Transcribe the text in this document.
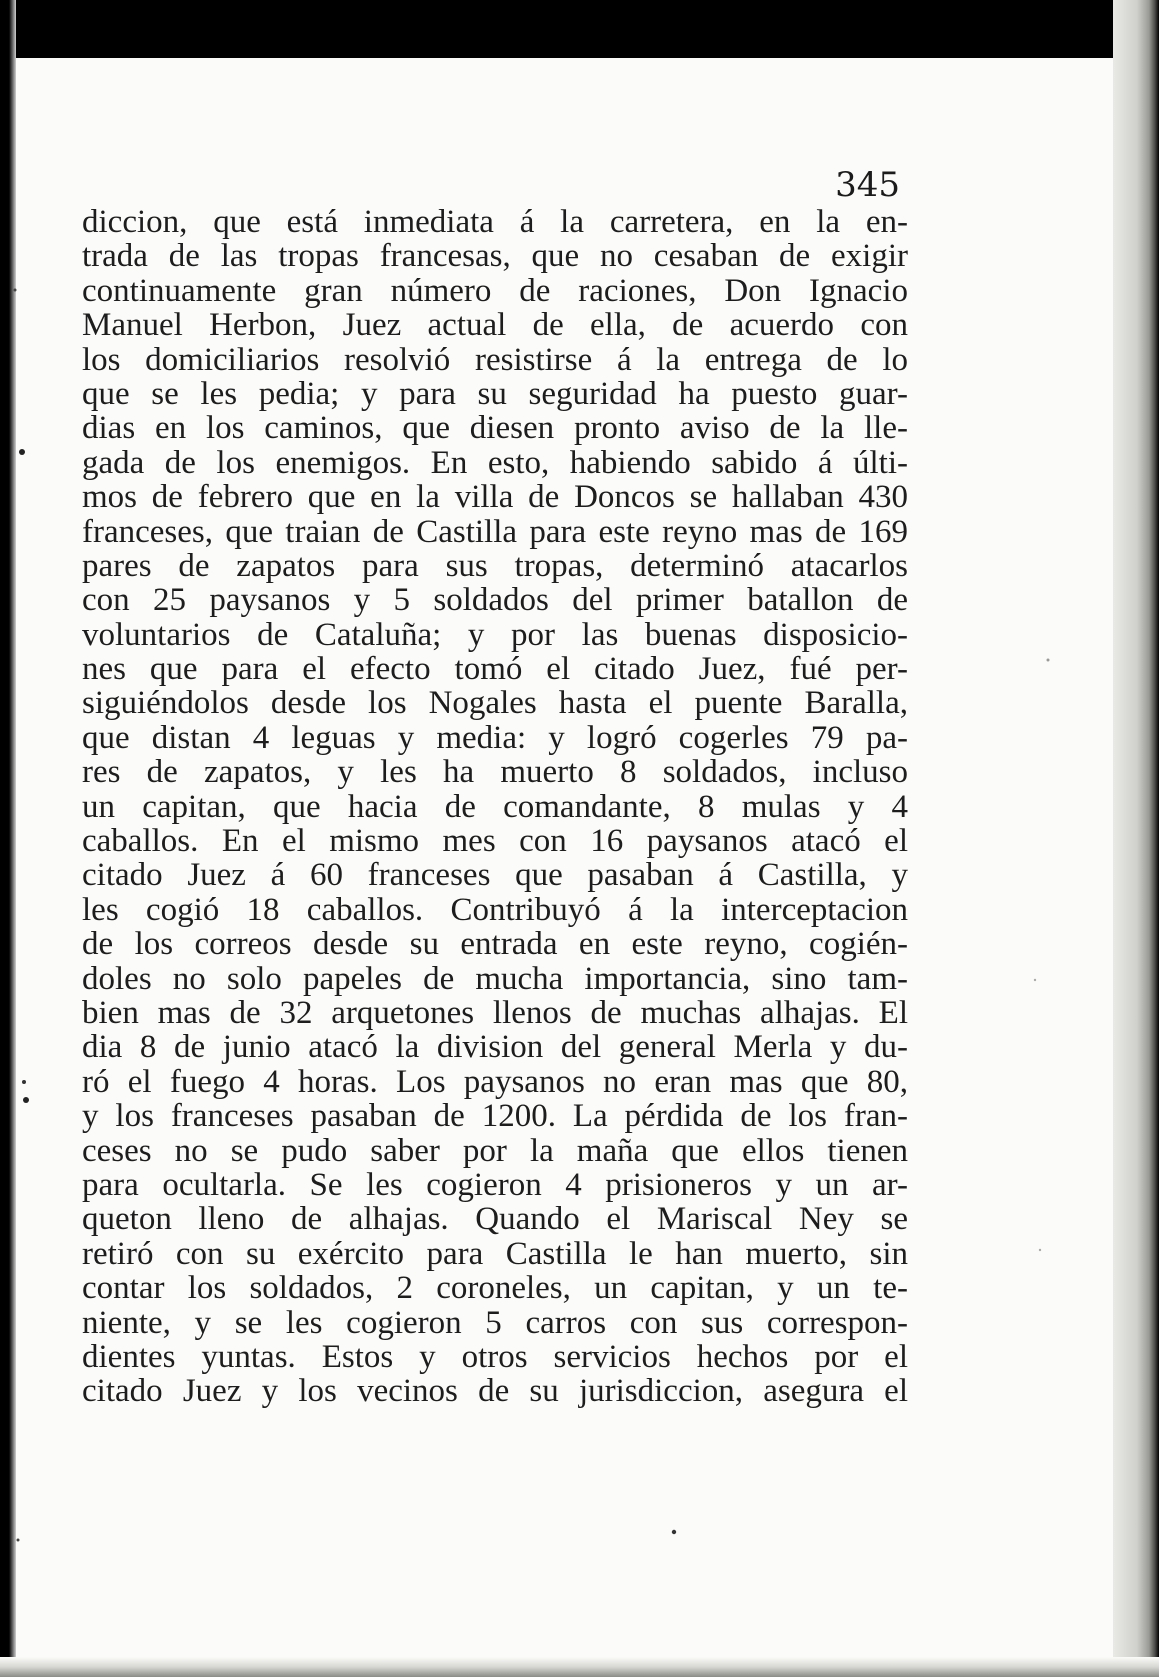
345
diccion, que está inmediata á la carretera, en la en-
trada de las tropas francesas, que no cesaban de exigir
continuamente gran número de raciones, Don Ignacio
Manuel Herbon, Juez actual de ella, de acuerdo con
los domiciliarios resolvió resistirse á la entrega de lo
que se les pedia; y para su seguridad ha puesto guar-
dias en los caminos, que diesen pronto aviso de la lle-
gada de los enemigos. En esto, habiendo sabido á últi-
mos de febrero que en la villa de Doncos se hallaban 430
franceses, que traian de Castilla para este reyno mas de 169
pares de zapatos para sus tropas, determinó atacarlos
con 25 paysanos y 5 soldados del primer batallon de
voluntarios de Cataluña; y por las buenas disposicio-
nes que para el efecto tomó el citado Juez, fué per-
siguiéndolos desde los Nogales hasta el puente Baralla,
que distan 4 leguas y media: y logró cogerles 79 pa-
res de zapatos, y les ha muerto 8 soldados, incluso
un capitan, que hacia de comandante, 8 mulas y 4
caballos. En el mismo mes con 16 paysanos atacó el
citado Juez á 60 franceses que pasaban á Castilla, y
les cogió 18 caballos. Contribuyó á la interceptacion
de los correos desde su entrada en este reyno, cogién-
doles no solo papeles de mucha importancia, sino tam-
bien mas de 32 arquetones llenos de muchas alhajas. El
dia 8 de junio atacó la division del general Merla y du-
ró el fuego 4 horas. Los paysanos no eran mas que 80,
y los franceses pasaban de 1200. La pérdida de los fran-
ceses no se pudo saber por la maña que ellos tienen
para ocultarla. Se les cogieron 4 prisioneros y un ar-
queton lleno de alhajas. Quando el Mariscal Ney se
retiró con su exército para Castilla le han muerto, sin
contar los soldados, 2 coroneles, un capitan, y un te-
niente, y se les cogieron 5 carros con sus correspon-
dientes yuntas. Estos y otros servicios hechos por el
citado Juez y los vecinos de su jurisdiccion, asegura el
